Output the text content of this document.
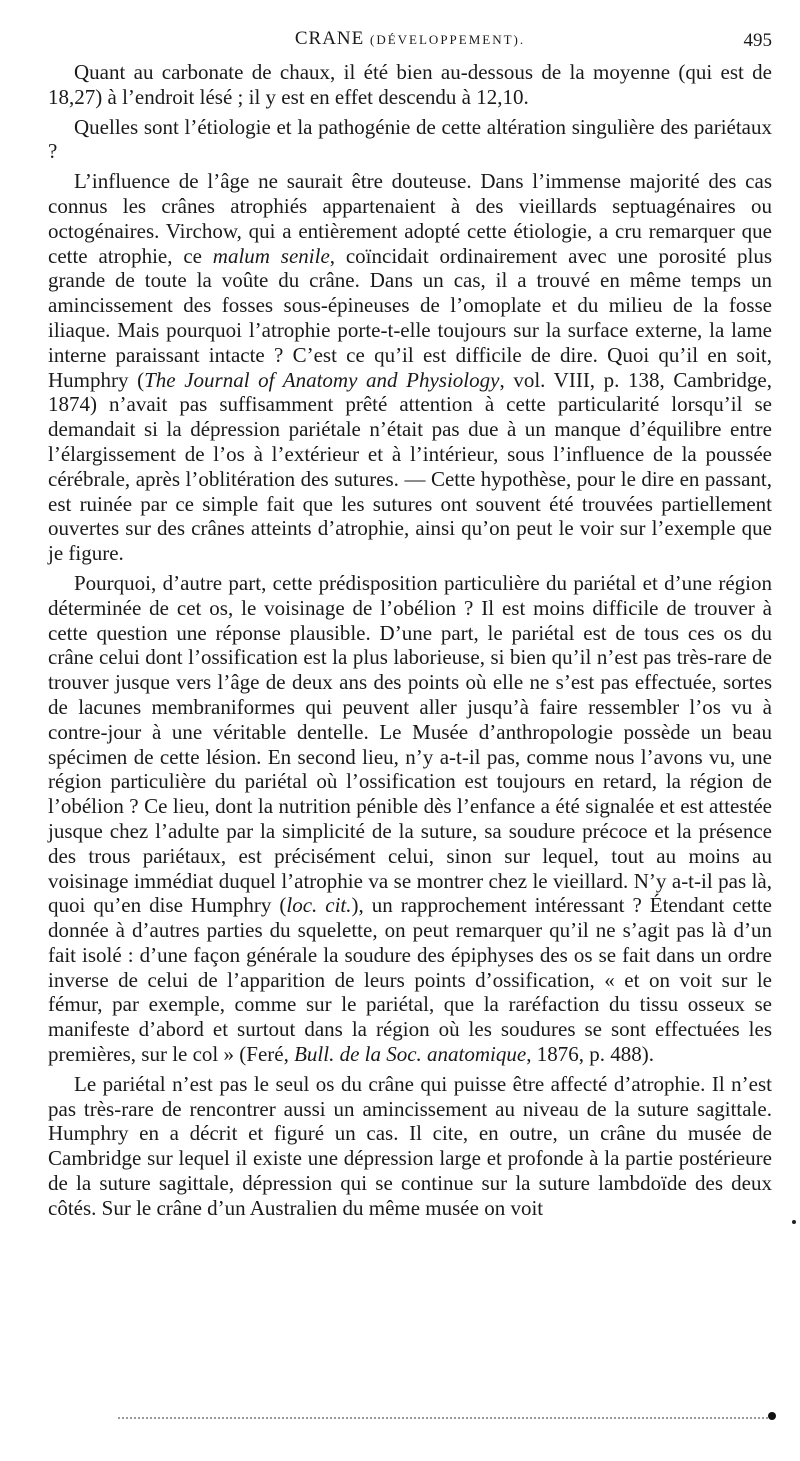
CRANE (DÉVELOPPEMENT).	495

Quant au carbonate de chaux, il été bien au-dessous de la moyenne (qui est de 18,27) à l’endroit lésé ; il y est en effet descendu à 12,10.

Quelles sont l’étiologie et la pathogénie de cette altération singulière des pariétaux ?

L’influence de l’âge ne saurait être douteuse. Dans l’immense majorité des cas connus les crânes atrophiés appartenaient à des vieillards septuagénaires ou octogénaires. Virchow, qui a entièrement adopté cette étiologie, a cru remarquer que cette atrophie, ce malum senile, coïncidait ordinairement avec une porosité plus grande de toute la voûte du crâne. Dans un cas, il a trouvé en même temps un amincissement des fosses sous-épineuses de l’omoplate et du milieu de la fosse iliaque. Mais pourquoi l’atrophie porte-t-elle toujours sur la surface externe, la lame interne paraissant intacte ? C’est ce qu’il est difficile de dire. Quoi qu’il en soit, Humphry (The Journal of Anatomy and Physiology, vol. VIII, p. 138, Cambridge, 1874) n’avait pas suffisamment prêté attention à cette particularité lorsqu’il se demandait si la dépression pariétale n’était pas due à un manque d’équilibre entre l’élargissement de l’os à l’extérieur et à l’intérieur, sous l’influence de la poussée cérébrale, après l’oblitération des sutures. — Cette hypothèse, pour le dire en passant, est ruinée par ce simple fait que les sutures ont souvent été trouvées partiellement ouvertes sur des crânes atteints d’atrophie, ainsi qu’on peut le voir sur l’exemple que je figure.

Pourquoi, d’autre part, cette prédisposition particulière du pariétal et d’une région déterminée de cet os, le voisinage de l’obélion ? Il est moins difficile de trouver à cette question une réponse plausible. D’une part, le pariétal est de tous ces os du crâne celui dont l’ossification est la plus laborieuse, si bien qu’il n’est pas très-rare de trouver jusque vers l’âge de deux ans des points où elle ne s’est pas effectuée, sortes de lacunes membraniformes qui peuvent aller jusqu’à faire ressembler l’os vu à contre-jour à une véritable dentelle. Le Musée d’anthropologie possède un beau spécimen de cette lésion. En second lieu, n’y a-t-il pas, comme nous l’avons vu, une région particulière du pariétal où l’ossification est toujours en retard, la région de l’obélion ? Ce lieu, dont la nutrition pénible dès l’enfance a été signalée et est attestée jusque chez l’adulte par la simplicité de la suture, sa soudure précoce et la présence des trous pariétaux, est précisément celui, sinon sur lequel, tout au moins au voisinage immédiat duquel l’atrophie va se montrer chez le vieillard. N’y a-t-il pas là, quoi qu’en dise Humphry (loc. cit.), un rapprochement intéressant ? Étendant cette donnée à d’autres parties du squelette, on peut remarquer qu’il ne s’agit pas là d’un fait isolé : d’une façon générale la soudure des épiphyses des os se fait dans un ordre inverse de celui de l’apparition de leurs points d’ossification, « et on voit sur le fémur, par exemple, comme sur le pariétal, que la raréfaction du tissu osseux se manifeste d’abord et surtout dans la région où les soudures se sont effectuées les premières, sur le col » (Feré, Bull. de la Soc. anatomique, 1876, p. 488).

Le pariétal n’est pas le seul os du crâne qui puisse être affecté d’atrophie. Il n’est pas très-rare de rencontrer aussi un amincissement au niveau de la suture sagittale. Humphry en a décrit et figuré un cas. Il cite, en outre, un crâne du musée de Cambridge sur lequel il existe une dépression large et profonde à la partie postérieure de la suture sagittale, dépression qui se continue sur la suture lambdoïde des deux côtés. Sur le crâne d’un Australien du même musée on voit
